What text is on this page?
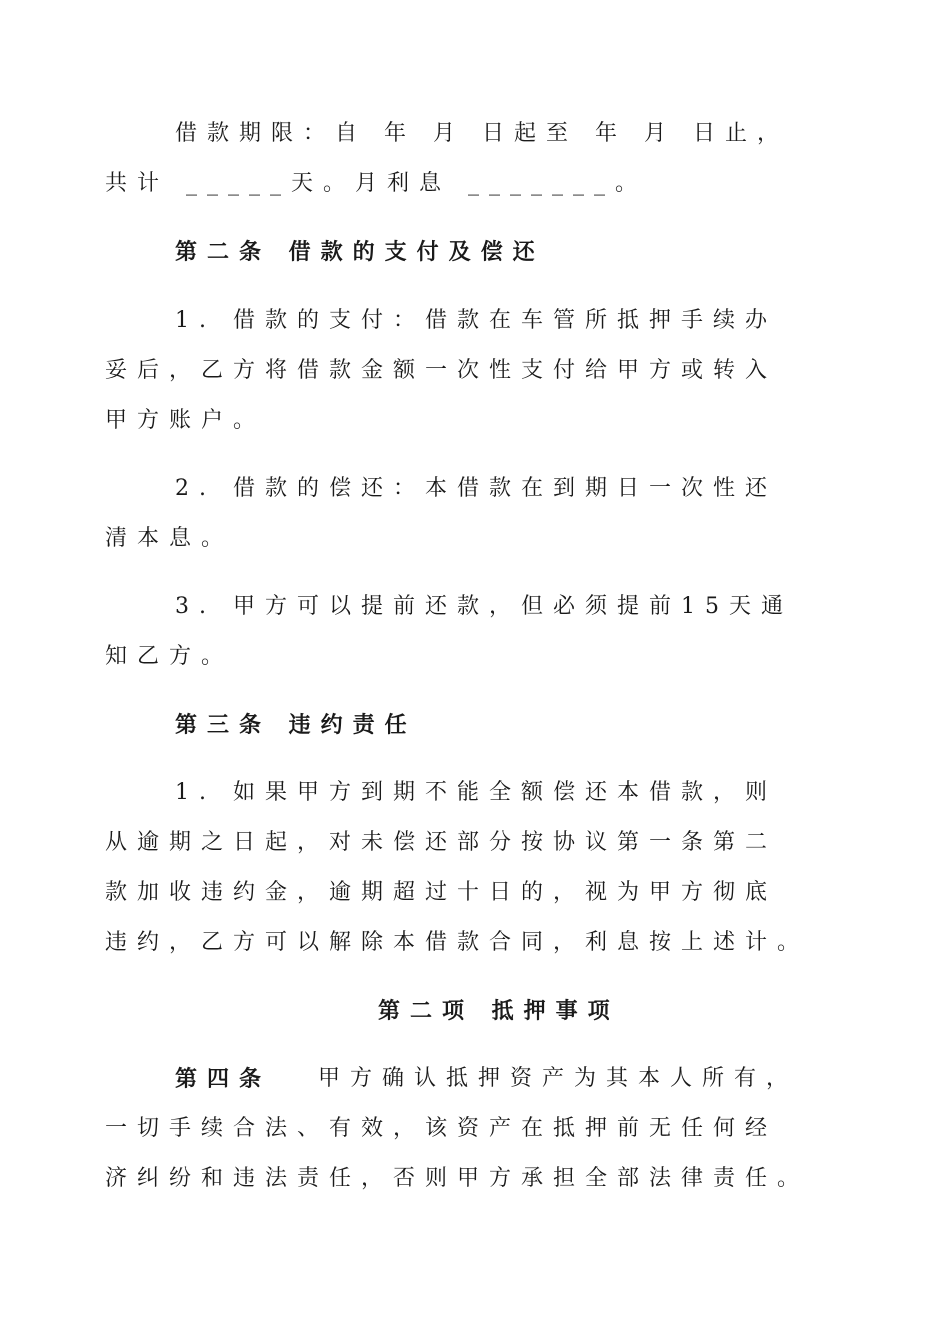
借款期限：自 年 月 日起至 年 月 日止，
共计 _____天。月利息 _______。
第二条 借款的支付及偿还
1. 借款的支付：借款在车管所抵押手续办
妥后，乙方将借款金额一次性支付给甲方或转入
甲方账户。
2. 借款的偿还：本借款在到期日一次性还
清本息。
3. 甲方可以提前还款，但必须提前15天通
知乙方。
第三条 违约责任
1. 如果甲方到期不能全额偿还本借款，则
从逾期之日起，对未偿还部分按协议第一条第二
款加收违约金，逾期超过十日的，视为甲方彻底
违约，乙方可以解除本借款合同，利息按上述计。
第二项 抵押事项
第四条 甲方确认抵押资产为其本人所有，
一切手续合法、有效，该资产在抵押前无任何经
济纠纷和违法责任，否则甲方承担全部法律责任。
